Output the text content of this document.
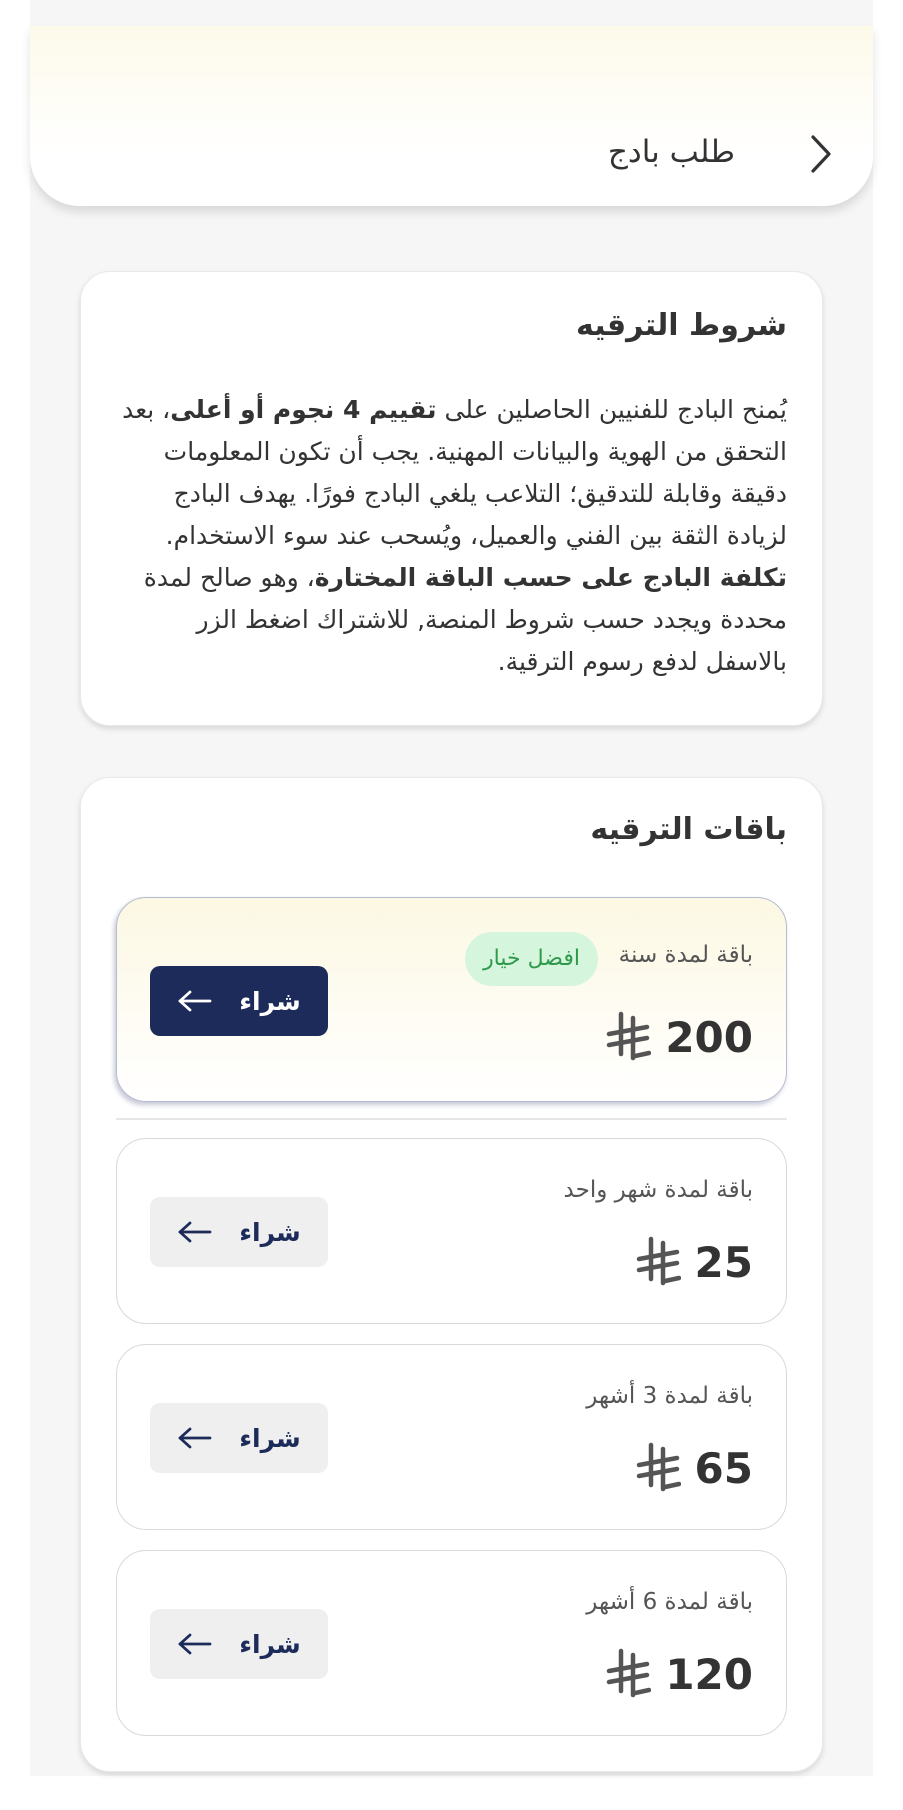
طلب بادج
شروط الترقيه
يُمنح البادج للفنيين الحاصلين على تقييم 4 نجوم أو أعلى، بعد التحقق من الهوية والبيانات المهنية. يجب أن تكون المعلومات دقيقة وقابلة للتدقيق؛ التلاعب يلغي البادج فورًا. يهدف البادج لزيادة الثقة بين الفني والعميل، ويُسحب عند سوء الاستخدام. تكلفة البادج على حسب الباقة المختارة، وهو صالح لمدة محددة ويجدد حسب شروط المنصة, للاشتراك اضغط الزر بالاسفل لدفع رسوم الترقية.
باقات الترقيه
باقة لمدة سنة
افضل خيار
200
شراء
باقة لمدة شهر واحد
25
شراء
باقة لمدة 3 أشهر
65
شراء
باقة لمدة 6 أشهر
120
شراء
